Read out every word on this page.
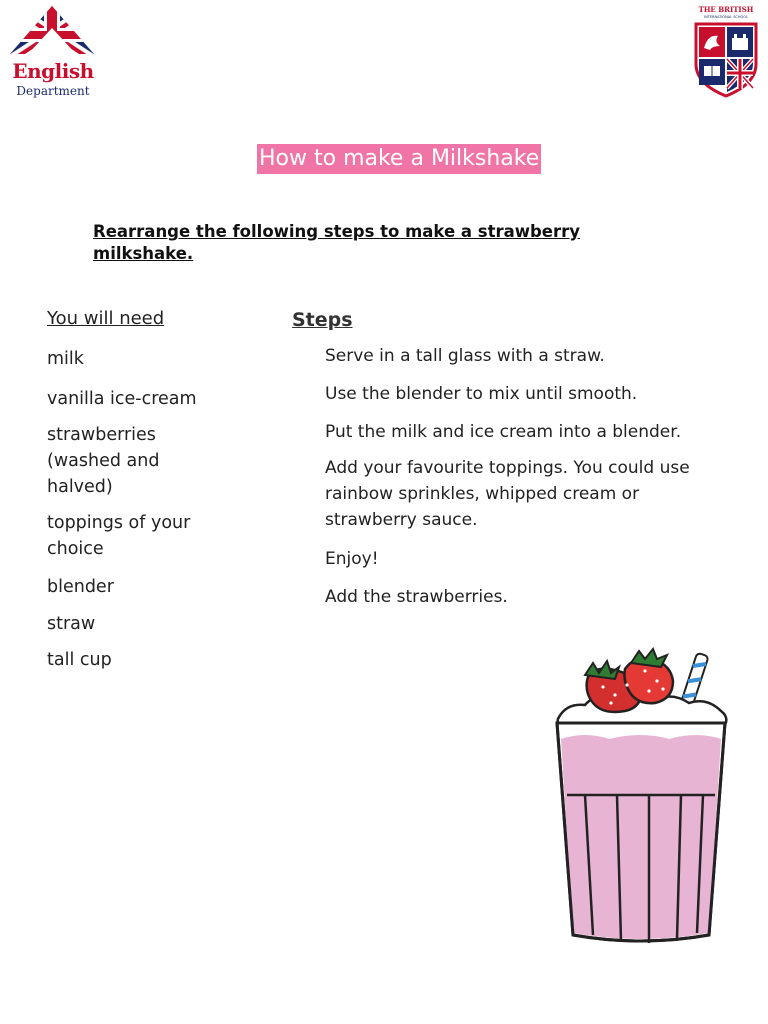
English
Department
THE BRITISH
INTERNATIONAL SCHOOL
How to make a Milkshake
Rearrange the following steps to make a strawberry milkshake.
You will need
milk
vanilla ice-cream
strawberries (washed and halved)
toppings of your choice
blender
straw
tall cup
Steps
Serve in a tall glass with a straw.
Use the blender to mix until smooth.
Put the milk and ice cream into a blender.
Add your favourite toppings. You could use rainbow sprinkles, whipped cream or strawberry sauce.
Enjoy!
Add the strawberries.
